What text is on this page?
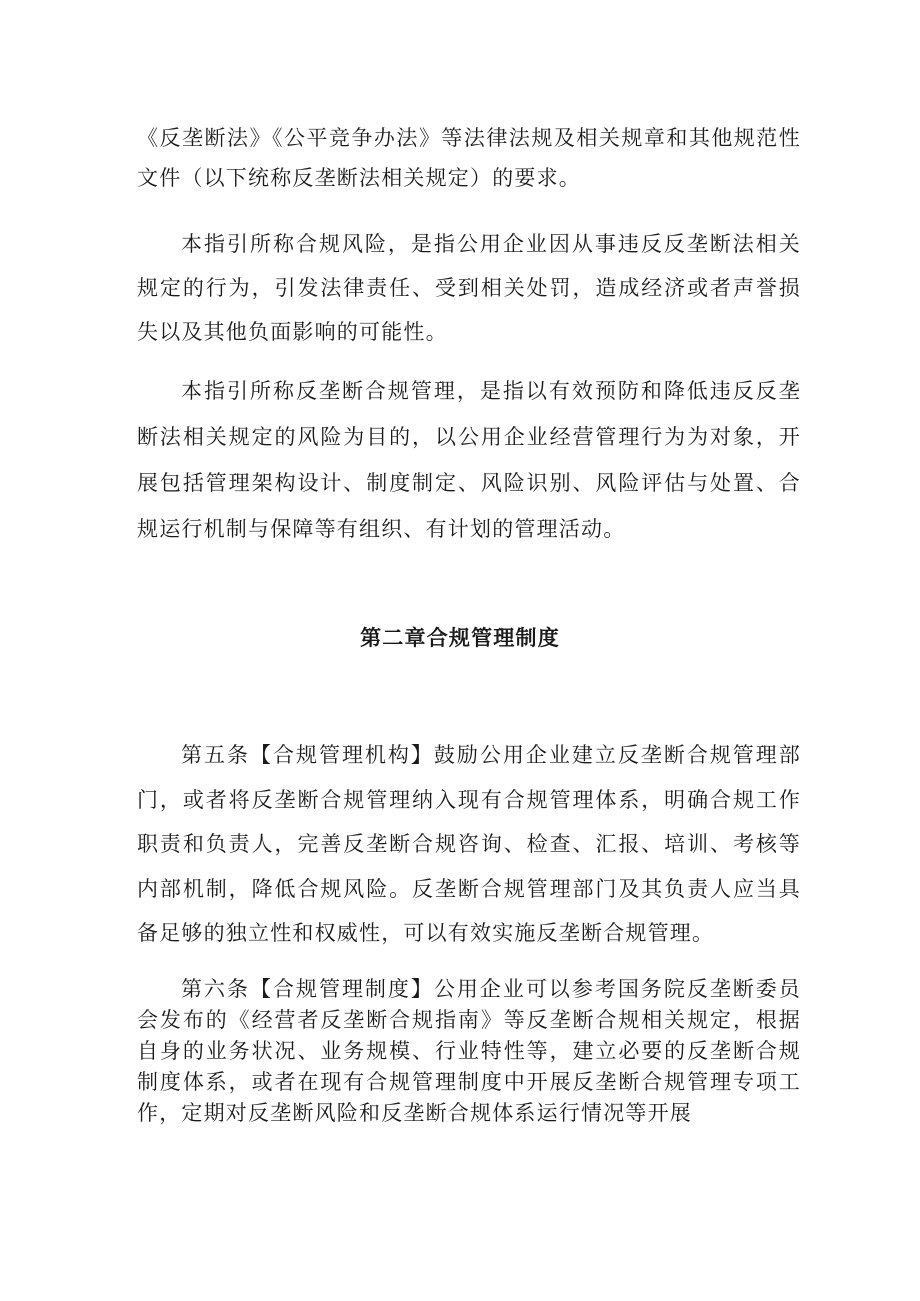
《反垄断法》《公平竞争办法》等法律法规及相关规章和其他规范性文件（以下统称反垄断法相关规定）的要求。

本指引所称合规风险，是指公用企业因从事违反反垄断法相关规定的行为，引发法律责任、受到相关处罚，造成经济或者声誉损失以及其他负面影响的可能性。

本指引所称反垄断合规管理，是指以有效预防和降低违反反垄断法相关规定的风险为目的，以公用企业经营管理行为为对象，开展包括管理架构设计、制度制定、风险识别、风险评估与处置、合规运行机制与保障等有组织、有计划的管理活动。

第二章合规管理制度

第五条【合规管理机构】鼓励公用企业建立反垄断合规管理部门，或者将反垄断合规管理纳入现有合规管理体系，明确合规工作职责和负责人，完善反垄断合规咨询、检查、汇报、培训、考核等内部机制，降低合规风险。反垄断合规管理部门及其负责人应当具备足够的独立性和权威性，可以有效实施反垄断合规管理。

第六条【合规管理制度】公用企业可以参考国务院反垄断委员会发布的《经营者反垄断合规指南》等反垄断合规相关规定，根据自身的业务状况、业务规模、行业特性等，建立必要的反垄断合规制度体系，或者在现有合规管理制度中开展反垄断合规管理专项工作，定期对反垄断风险和反垄断合规体系运行情况等开展
